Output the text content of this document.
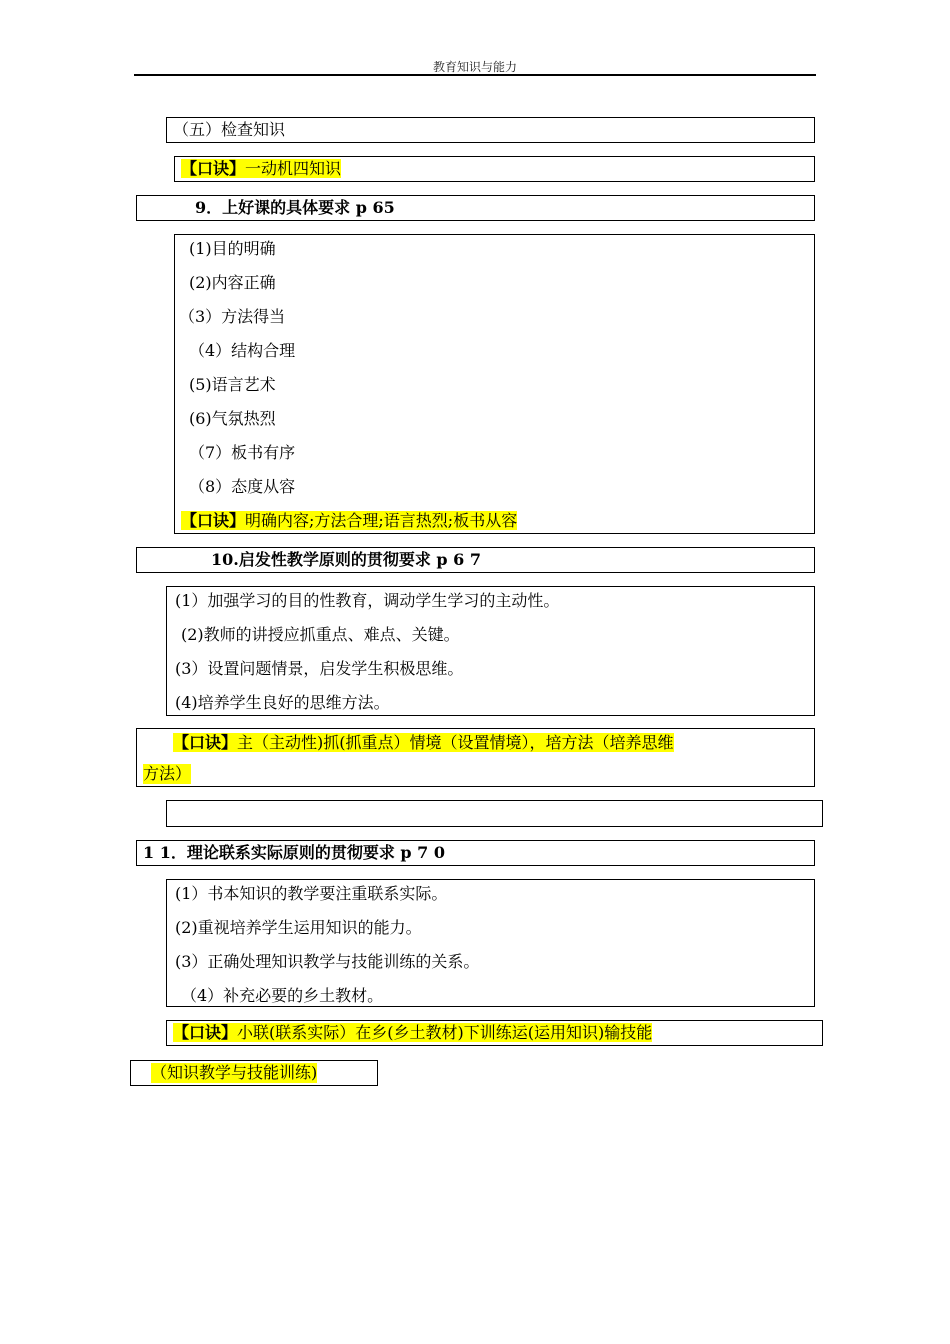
教育知识与能力
（五）检查知识
【口诀】一动机四知识
9．上好课的具体要求 p 65
(1)目的明确
(2)内容正确
（3）方法得当
（4）结构合理
(5)语言艺术
(6)气氛热烈
（7）板书有序
（8）态度从容
【口诀】明确内容;方法合理;语言热烈;板书从容
10.启发性教学原则的贯彻要求 p 6 7
(1）加强学习的目的性教育，调动学生学习的主动性。
(2)教师的讲授应抓重点、难点、关键。
(3）设置问题情景，启发学生积极思维。
(4)培养学生良好的思维方法。
【口诀】主（主动性)抓(抓重点）情境（设置情境），培方法（培养思维
方法）
1 1．理论联系实际原则的贯彻要求 p 7 0
(1）书本知识的教学要注重联系实际。
(2)重视培养学生运用知识的能力。
(3）正确处理知识教学与技能训练的关系。
（4）补充必要的乡土教材。
【口诀】小联(联系实际）在乡(乡土教材)下训练运(运用知识)输技能
（知识教学与技能训练)
